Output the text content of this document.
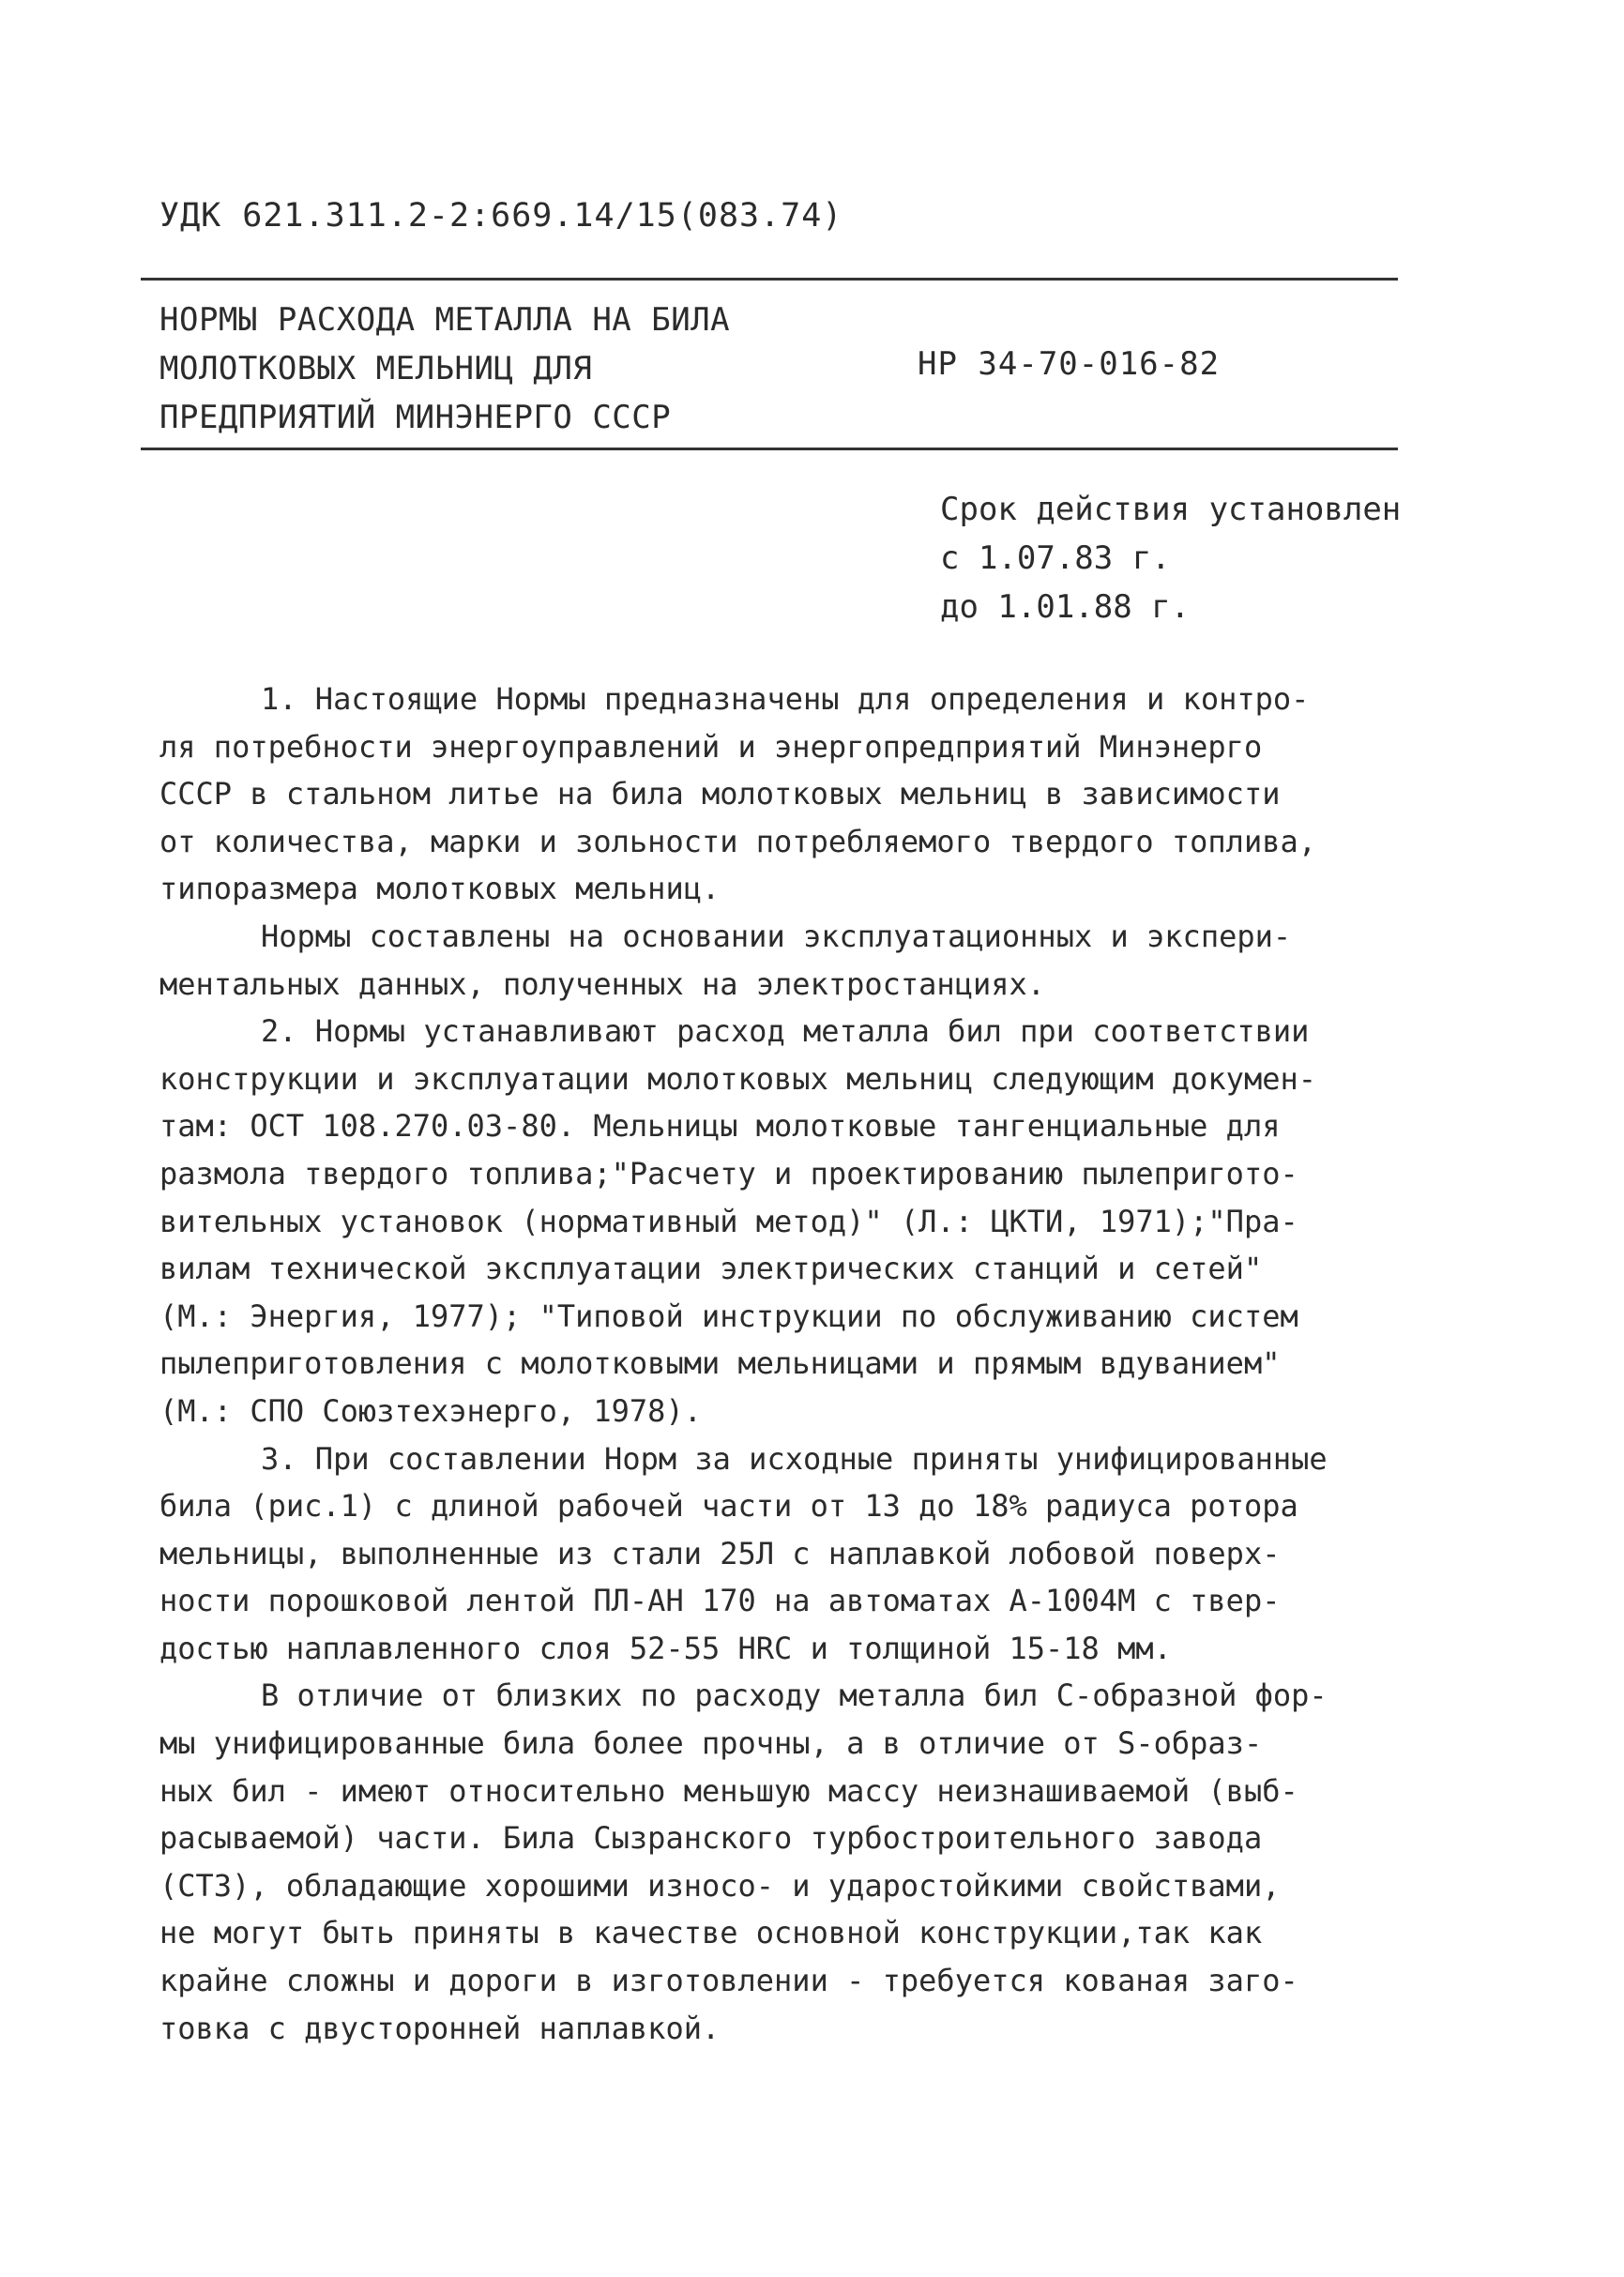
УДК 621.311.2-2:669.14/15(083.74)
НОРМЫ РАСХОДА МЕТАЛЛА НА БИЛА
МОЛОТКОВЫХ МЕЛЬНИЦ ДЛЯ
ПРЕДПРИЯТИЙ МИНЭНЕРГО СССР
НР 34-70-016-82
Срок действия установлен
с 1.07.83 г.
до 1.01.88 г.
1. Настоящие Нормы предназначены для определения и контро-
ля потребности энергоуправлений и энергопредприятий Минэнерго
СССР в стальном литье на била молотковых мельниц в зависимости
от количества, марки и зольности потребляемого твердого топлива,
типоразмера молотковых мельниц.
Нормы составлены на основании эксплуатационных и экспери-
ментальных данных, полученных на электростанциях.
2. Нормы устанавливают расход металла бил при соответствии
конструкции и эксплуатации молотковых мельниц следующим докумен-
там: ОСТ 108.270.03-80. Мельницы молотковые тангенциальные для
размола твердого топлива;"Расчету и проектированию пылепригото-
вительных установок (нормативный метод)" (Л.: ЦКТИ, 1971);"Пра-
вилам технической эксплуатации электрических станций и сетей"
(М.: Энергия, 1977); "Типовой инструкции по обслуживанию систем
пылеприготовления с молотковыми мельницами и прямым вдуванием"
(М.: СПО Союзтехэнерго, 1978).
3. При составлении Норм за исходные приняты унифицированные
била (рис.1) с длиной рабочей части от 13 до 18% радиуса ротора
мельницы, выполненные из стали 25Л с наплавкой лобовой поверх-
ности порошковой лентой ПЛ-АН 170 на автоматах А-1004М с твер-
достью наплавленного слоя 52-55 HRC и толщиной 15-18 мм.
В отличие от близких по расходу металла бил С-образной фор-
мы унифицированные била более прочны, а в отличие от S-образ-
ных бил - имеют относительно меньшую массу неизнашиваемой (выб-
расываемой) части. Била Сызранского турбостроительного завода
(СТЗ), обладающие хорошими износо- и ударостойкими свойствами,
не могут быть приняты в качестве основной конструкции,так как
крайне сложны и дороги в изготовлении - требуется кованая заго-
товка с двусторонней наплавкой.
